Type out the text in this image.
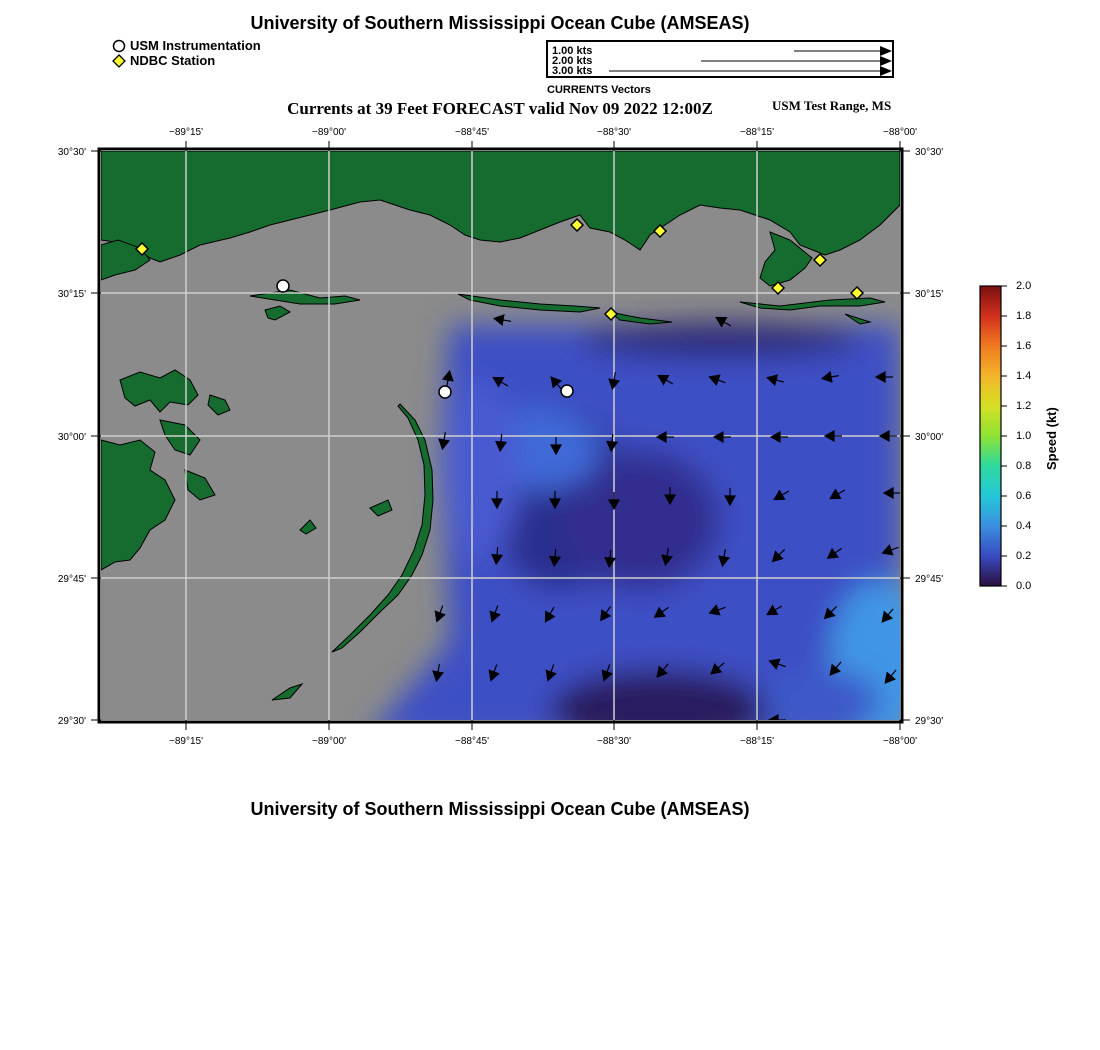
University of Southern Mississippi Ocean Cube (AMSEAS)
USM Instrumentation
NDBC Station
1.00 kts
2.00 kts
3.00 kts
CURRENTS Vectors
Currents at 39 Feet FORECAST valid Nov 09 2022 12:00Z	USM Test Range, MS
−89°15'	−89°00'	−88°45'	−88°30'	−88°15'	−88°00'
−89°15'	−89°00'	−88°45'	−88°30'	−88°15'	−88°00'
30°30'
30°15'
30°00'
29°45'
29°30'
30°30'
30°15'
30°00'
29°45'
29°30'
2.0
1.8
1.6
1.4
1.2
1.0
0.8
0.6
0.4
0.2
0.0
Speed (kt)
University of Southern Mississippi Ocean Cube (AMSEAS)
